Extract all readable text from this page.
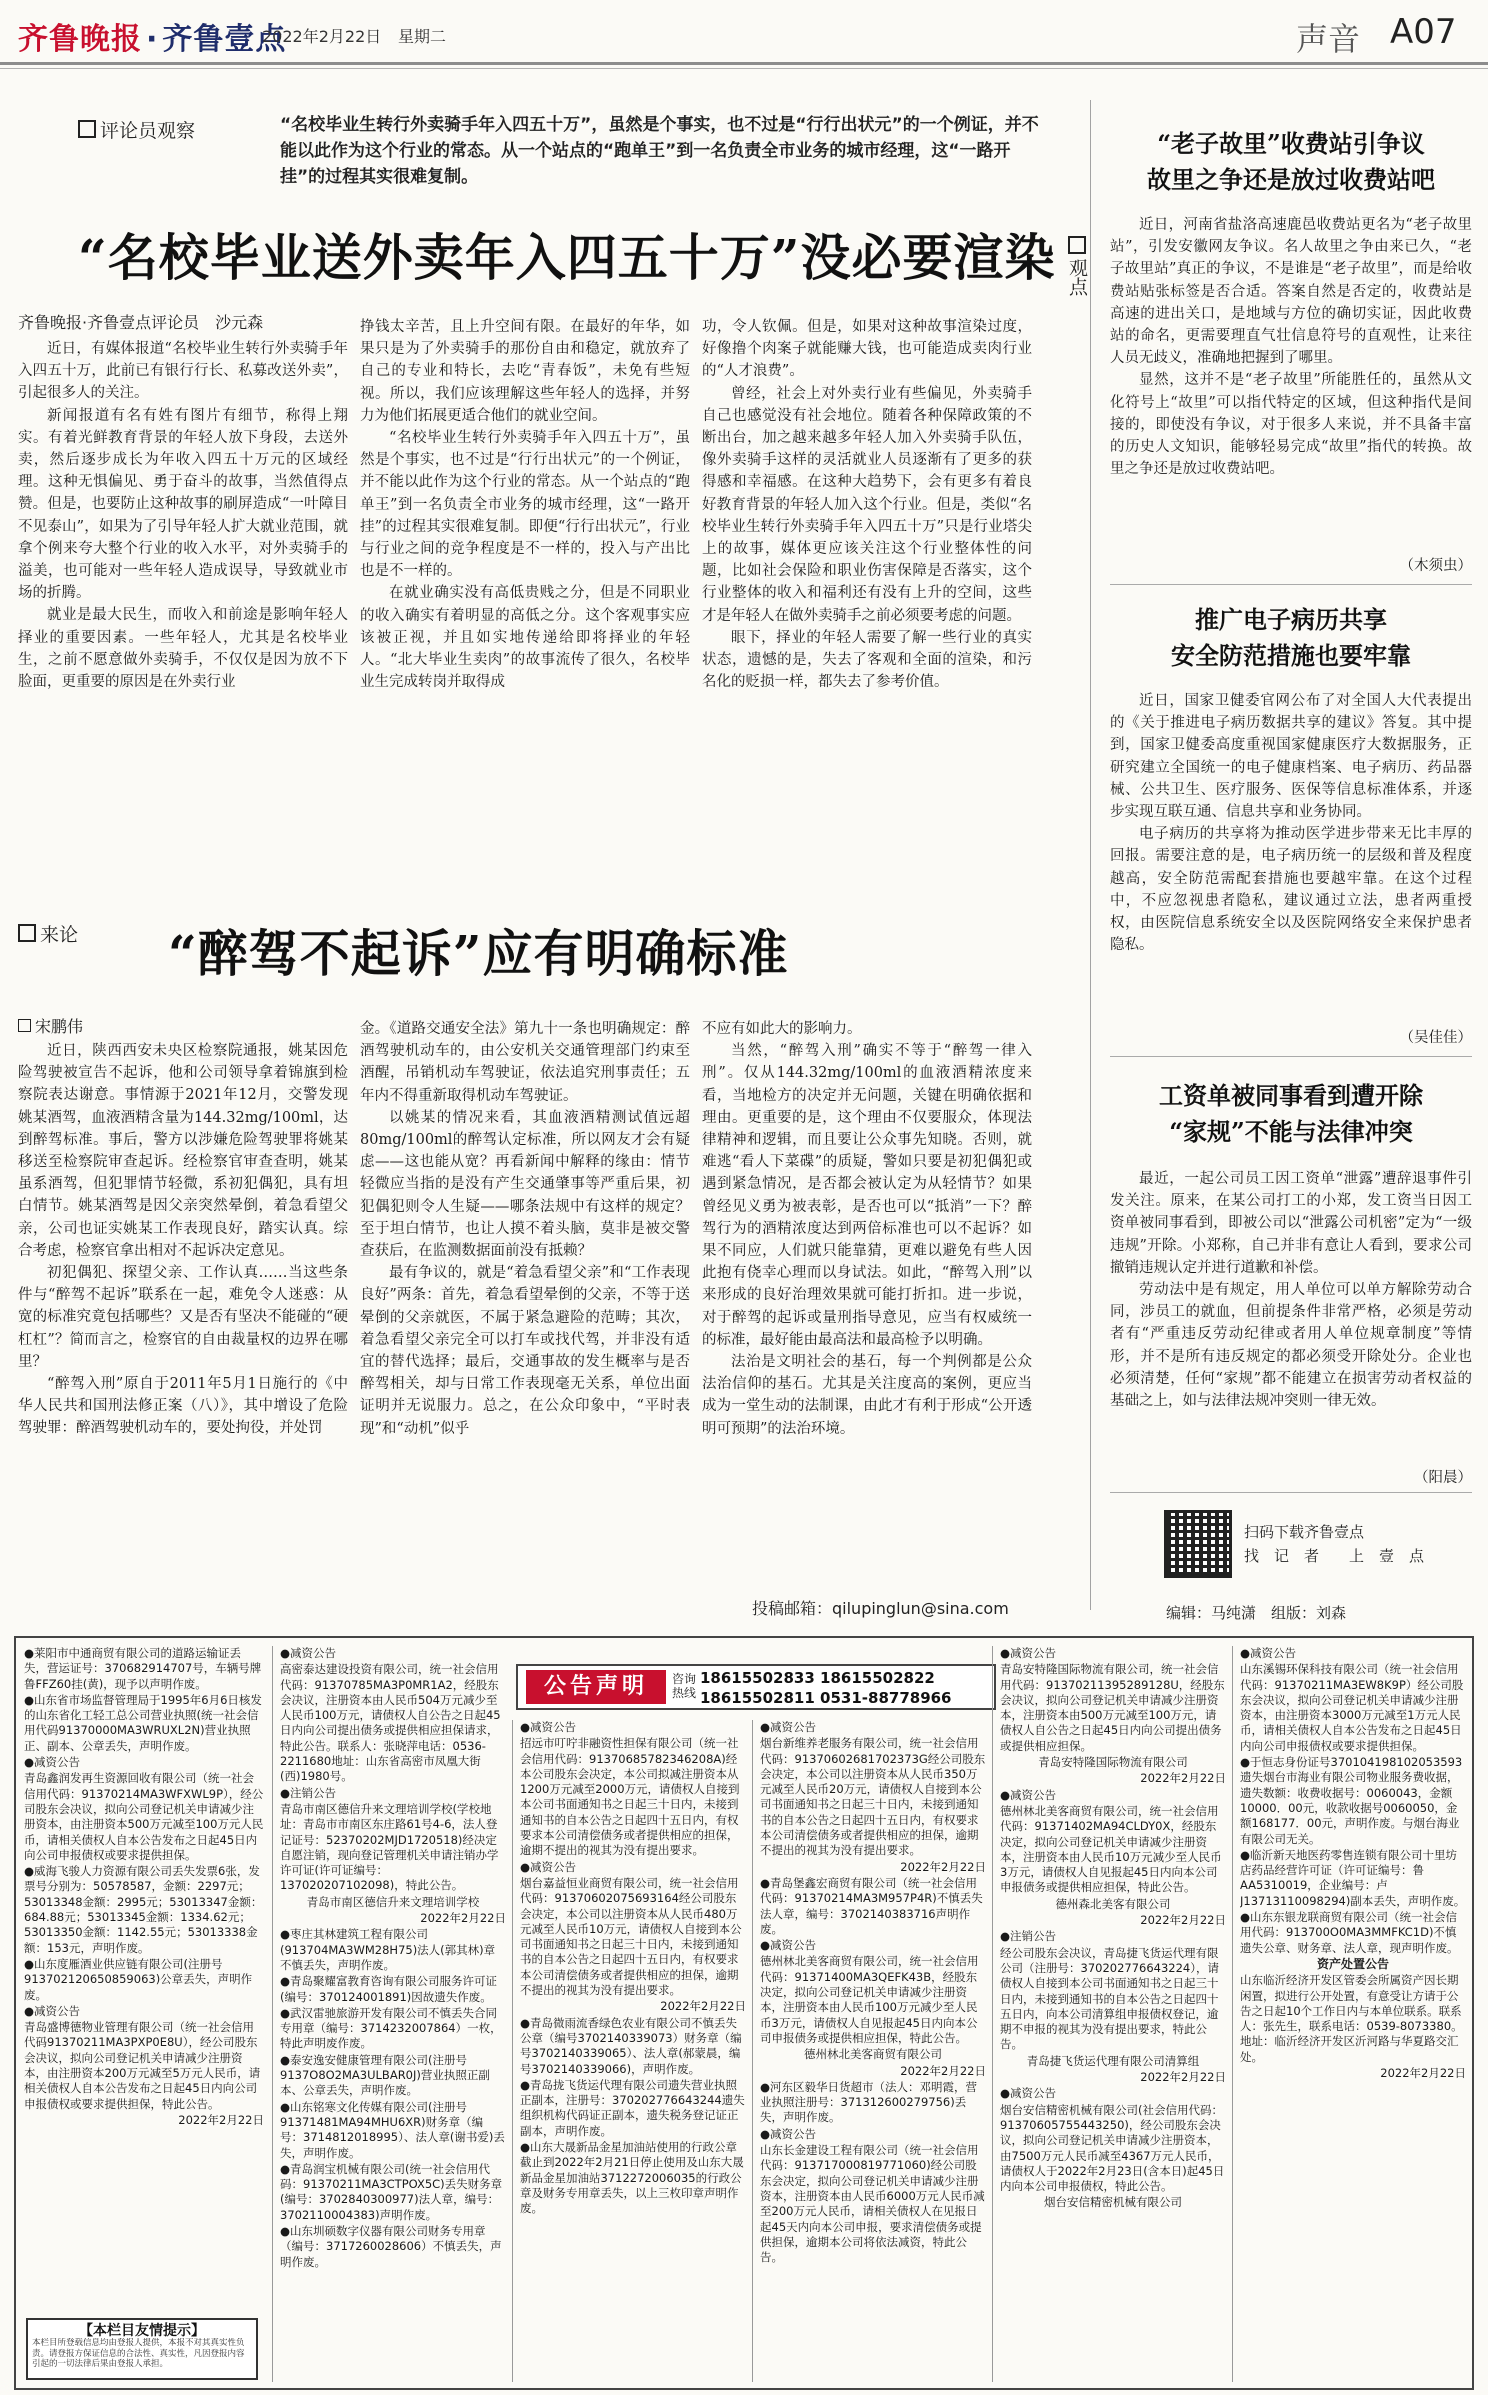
齐鲁晚报 · 齐鲁壹点
2022年2月22日 星期二	声音 A07
评论员观察	“名校毕业生转行外卖骑手年入四五十万”，虽然是个事实，也不过是“行行出状元”的一个例证，并不能以此作为这个行业的常态。从一个站点的“跑单王”到一名负责全市业务的城市经理，这“一路开挂”的过程其实很难复制。
“名校毕业送外卖年入四五十万”没必要渲染
齐鲁晚报·齐鲁壹点评论员　沙元森

近日，有媒体报道“名校毕业生转行外卖骑手年入四五十万，此前已有银行行长、私募改送外卖”，引起很多人的关注。

新闻报道有名有姓有图片有细节，称得上翔实。有着光鲜教育背景的年轻人放下身段，去送外卖，然后逐步成长为年收入四五十万元的区域经理。这种无惧偏见、勇于奋斗的故事，当然值得点赞。但是，也要防止这种故事的刷屏造成“一叶障目不见泰山”，如果为了引导年轻人扩大就业范围，就拿个例来夸大整个行业的收入水平，对外卖骑手的溢美，也可能对一些年轻人造成误导，导致就业市场的折腾。

就业是最大民生，而收入和前途是影响年轻人择业的重要因素。一些年轻人，尤其是名校毕业生，之前不愿意做外卖骑手，不仅仅是因为放不下脸面，更重要的原因是在外卖行业

挣钱太辛苦，且上升空间有限。在最好的年华，如果只是为了外卖骑手的那份自由和稳定，就放弃了自己的专业和特长，去吃“青春饭”，未免有些短视。所以，我们应该理解这些年轻人的选择，并努力为他们拓展更适合他们的就业空间。

“名校毕业生转行外卖骑手年入四五十万”，虽然是个事实，也不过是“行行出状元”的一个例证，并不能以此作为这个行业的常态。从一个站点的“跑单王”到一名负责全市业务的城市经理，这“一路开挂”的过程其实很难复制。即便“行行出状元”，行业与行业之间的竞争程度是不一样的，投入与产出比也是不一样的。

在就业确实没有高低贵贱之分，但是不同职业的收入确实有着明显的高低之分。这个客观事实应该被正视，并且如实地传递给即将择业的年轻人。“北大毕业生卖肉”的故事流传了很久，名校毕业生完成转岗并取得成

功，令人钦佩。但是，如果对这种故事渲染过度，好像撸个肉案子就能赚大钱，也可能造成卖肉行业的“人才浪费”。

曾经，社会上对外卖行业有些偏见，外卖骑手自己也感觉没有社会地位。随着各种保障政策的不断出台，加之越来越多年轻人加入外卖骑手队伍，像外卖骑手这样的灵活就业人员逐渐有了更多的获得感和幸福感。在这种大趋势下，会有更多有着良好教育背景的年轻人加入这个行业。但是，类似“名校毕业生转行外卖骑手年入四五十万”只是行业塔尖上的故事，媒体更应该关注这个行业整体性的问题，比如社会保险和职业伤害保障是否落实，这个行业整体的收入和福利还有没有上升的空间，这些才是年轻人在做外卖骑手之前必须要考虑的问题。

眼下，择业的年轻人需要了解一些行业的真实状态，遗憾的是，失去了客观和全面的渲染，和污名化的贬损一样，都失去了参考价值。

来论 “醉驾不起诉”应有明确标准
宋鹏伟

近日，陕西西安未央区检察院通报，姚某因危险驾驶被宣告不起诉，他和公司领导拿着锦旗到检察院表达谢意。事情源于2021年12月，交警发现姚某酒驾，血液酒精含量为144.32mg/100ml，达到醉驾标准。事后，警方以涉嫌危险驾驶罪将姚某移送至检察院审查起诉。经检察官审查查明，姚某虽系酒驾，但犯罪情节轻微，系初犯偶犯，具有坦白情节。姚某酒驾是因父亲突然晕倒，着急看望父亲，公司也证实姚某工作表现良好，踏实认真。综合考虑，检察官拿出相对不起诉决定意见。

初犯偶犯、探望父亲、工作认真……当这些条件与“醉驾不起诉”联系在一起，难免令人迷惑：从宽的标准究竟包括哪些？又是否有坚决不能碰的“硬杠杠”？简而言之，检察官的自由裁量权的边界在哪里？

“醉驾入刑”原自于2011年5月1日施行的《中华人民共和国刑法修正案（八）》，其中增设了危险驾驶罪：醉酒驾驶机动车的，要处拘役，并处罚

金。《道路交通安全法》第九十一条也明确规定：醉酒驾驶机动车的，由公安机关交通管理部门约束至酒醒，吊销机动车驾驶证，依法追究刑事责任；五年内不得重新取得机动车驾驶证。

以姚某的情况来看，其血液酒精测试值远超80mg/100ml的醉驾认定标准，所以网友才会有疑虑——这也能从宽？再看新闻中解释的缘由：情节轻微应当指的是没有产生交通肇事等严重后果，初犯偶犯则令人生疑——哪条法规中有这样的规定？至于坦白情节，也让人摸不着头脑，莫非是被交警查获后，在监测数据面前没有抵赖？

最有争议的，就是“着急看望父亲”和“工作表现良好”两条：首先，着急看望晕倒的父亲，不等于送晕倒的父亲就医，不属于紧急避险的范畴；其次，着急看望父亲完全可以打车或找代驾，并非没有适宜的替代选择；最后，交通事故的发生概率与是否醉驾相关，却与日常工作表现毫无关系，单位出面证明并无说服力。总之，在公众印象中，“平时表现”和“动机”似乎

不应有如此大的影响力。

当然，“醉驾入刑”确实不等于“醉驾一律入刑”。仅从144.32mg/100ml的血液酒精浓度来看，当地检方的决定并无问题，关键在明确依据和理由。更重要的是，这个理由不仅要服众，体现法律精神和逻辑，而且要让公众事先知晓。否则，就难逃“看人下菜碟”的质疑，警如只要是初犯偶犯或遇到紧急情况，是否都会被认定为从轻情节？如果曾经见义勇为被表彰，是否也可以“抵消”一下？醉驾行为的酒精浓度达到两倍标准也可以不起诉？如果不同应，人们就只能靠猜，更难以避免有些人因此抱有侥幸心理而以身试法。如此，“醉驾入刑”以来形成的良好治理效果就可能打折扣。进一步说，对于醉驾的起诉或量刑指导意见，应当有权威统一的标准，最好能由最高法和最高检予以明确。

法治是文明社会的基石，每一个判例都是公众法治信仰的基石。尤其是关注度高的案例，更应当成为一堂生动的法制课，由此才有利于形成“公开透明可预期”的法治环境。

投稿邮箱：qilupinglun@sina.com
观点
“老子故里”收费站引争议
故里之争还是放过收费站吧

近日，河南省盐洛高速鹿邑收费站更名为“老子故里站”，引发安徽网友争议。名人故里之争由来已久，“老子故里站”真正的争议，不是谁是“老子故里”，而是给收费站贴张标签是否合适。答案自然是否定的，收费站是高速的进出关口，是地域与方位的确切实证，因此收费站的命名，更需要理直气壮信息符号的直观性，让来往人员无歧义，准确地把握到了哪里。

显然，这并不是“老子故里”所能胜任的，虽然从文化符号上“故里”可以指代特定的区域，但这种指代是间接的，即使没有争议，对于很多人来说，并不具备丰富的历史人文知识，能够轻易完成“故里”指代的转换。故里之争还是放过收费站吧。

（木须虫）
推广电子病历共享
安全防范措施也要牢靠

近日，国家卫健委官网公布了对全国人大代表提出的《关于推进电子病历数据共享的建议》答复。其中提到，国家卫健委高度重视国家健康医疗大数据服务，正研究建立全国统一的电子健康档案、电子病历、药品器械、公共卫生、医疗服务、医保等信息标准体系，并逐步实现互联互通、信息共享和业务协同。

电子病历的共享将为推动医学进步带来无比丰厚的回报。需要注意的是，电子病历统一的层级和普及程度越高，安全防范需配套措施也要越牢靠。在这个过程中，不应忽视患者隐私，建议通过立法，患者两重授权，由医院信息系统安全以及医院网络安全来保护患者隐私。

（吴佳佳）
工资单被同事看到遭开除
“家规”不能与法律冲突

最近，一起公司员工因工资单“泄露”遭辞退事件引发关注。原来，在某公司打工的小郑，发工资当日因工资单被同事看到，即被公司以“泄露公司机密”定为“一级违规”开除。小郑称，自己并非有意让人看到，要求公司撤销违规认定并进行道歉和补偿。

劳动法中是有规定，用人单位可以单方解除劳动合同，涉员工的就血，但前提条件非常严格，必须是劳动者有“严重违反劳动纪律或者用人单位规章制度”等情形，并不是所有违反规定的都必须受开除处分。企业也必须清楚，任何“家规”都不能建立在损害劳动者权益的基础之上，如与法律法规冲突则一律无效。

（阳晨）
扫码下载齐鲁壹点
找　记　者　　上　壹　点
编辑：马纯潇　组版：刘森
公告声明	咨询热线
18615502833 18615502822
18615502811 0531-88778966
●莱阳市中通商贸有限公司的道路运输证丢失，营运证号：370682914707号，车辆号牌鲁FFZ60挂(黄)，现予以声明作废。
●山东省市场监督管理局于1995年6月6日核发的山东省化工轻工总公司营业执照(统一社会信用代码91370000MA3WRUXL2N)营业执照正、副本、公章丢失，声明作废。
●减资公告
青岛鑫润发再生资源回收有限公司（统一社会信用代码：91370214MA3WFXWL9P），经公司股东会决议，拟向公司登记机关申请减少注册资本，由注册资本500万元减至100万元人民币，请相关债权人自本公告发布之日起45日内向公司申报债权或要求提供担保。
●威海飞骏人力资源有限公司丢失发票6张，发票号分别为：50578587，金额：2297元；53013348金额：2995元；53013347金额：684.88元；53013345金额：1334.62元；53013350金额：1142.55元；53013338金额：153元，声明作废。
●山东度雁酒业供应链有限公司(注册号913702120650859063)公章丢失，声明作废。
●减资公告
青岛盛博德物业管理有限公司（统一社会信用代码91370211MA3PXP0E8U），经公司股东会决议，拟向公司登记机关申请减少注册资本，由注册资本200万元减至5万元人民币，请相关债权人自本公告发布之日起45日内向公司申报债权或要求提供担保，特此公告。
2022年2月22日
【本栏目友情提示】
本栏目所登载信息均由登报人提供，本报不对其真实性负责。请登报方保证信息的合法性、真实性，凡因登报内容引起的一切法律后果由登报人承担。
●减资公告
高密泰达建设投资有限公司，统一社会信用代码：91370785MA3P0MR1A2，经股东会决议，注册资本由人民币504万元减少至人民币100万元，请债权人自公告之日起45日内向公司提出债务或提供相应担保请求，特此公告。联系人：张晓萍电话：0536-2211680地址：山东省高密市凤凰大街(西)1980号。
●注销公告
青岛市南区德信升来文理培训学校(学校地址：青岛市市南区东庄路61号4-6，法人登记证号：52370202MJD1720518)经决定自愿注销，现向登记管理机关申请注销办学许可证(许可证编号：137020207102098)，特此公告。
青岛市南区德信升来文理培训学校
2022年2月22日
●枣庄其林建筑工程有限公司(913704MA3WM28H75)法人(郭其林)章不慎丢失，声明作废。
●青岛聚耀富教育咨询有限公司服务许可证(编号：370124001891)因故遗失作废。
●武汉雷驰旅游开发有限公司不慎丢失合同专用章（编号：3714232007864）一枚，特此声明废作废。
●泰安逸安健康管理有限公司(注册号9137O8O2MA3ULBAR0J)营业执照正副本、公章丢失，声明作废。
●山东铭寒文化传媒有限公司(注册号91371481MA94MHU6XR)财务章（编号：3714812018995）、法人章(谢书爱)丢失，声明作废。
●青岛润宝机械有限公司(统一社会信用代码：91370211MA3CTPOX5C)丢失财务章(编号：3702840300977)法人章，编号：3702110004383)声明作废。
●山东圳硕数字仪器有限公司财务专用章（编号：3717260028606）不慎丢失，声明作废。
●减资公告
招远市叮咛非融资性担保有限公司（统一社会信用代码：91370685782346208A)经本公司股东会决定，本公司拟减注册资本从1200万元减至2000万元，请债权人自接到本公司书面通知书之日起三十日内，未接到通知书的自本公告之日起四十五日内，有权要求本公司清偿债务或者提供相应的担保，逾期不提出的视其为没有提出要求。
●减资公告
烟台嘉益恒业商贸有限公司，统一社会信用代码：91370602075693164经公司股东会决定，本公司以注册资本从人民币480万元减至人民币10万元，请债权人自接到本公司书面通知书之日起三十日内，未接到通知书的自本公告之日起四十五日内，有权要求本公司清偿债务或者提供相应的担保，逾期不提出的视其为没有提出要求。
2022年2月22日
●青岛微雨流香绿色农业有限公司不慎丢失公章（编号3702140339073）财务章（编号3702140339065）、法人章(郝蒙晨，编号3702140339066)，声明作废。
●青岛拢飞货运代理有限公司遗失营业执照正副本，注册号：370202776643244遗失组织机构代码证正副本，遗失税务登记证正副本，声明作废。
●山东大晟新品金星加油站使用的行政公章截止到2022年2月21日停止使用及山东大晟新品金星加油站3712272006035的行政公章及财务专用章丢失，以上三枚印章声明作废。
●减资公告
烟台新维养老服务有限公司，统一社会信用代码：91370602681702373G经公司股东会决定，本公司以注册资本从人民币350万元减至人民币20万元，请债权人自接到本公司书面通知书之日起三十日内，未接到通知书的自本公告之日起四十五日内，有权要求本公司清偿债务或者提供相应的担保，逾期不提出的视其为没有提出要求。
2022年2月22日
●青岛堡鑫宏商贸有限公司（统一社会信用代码：91370214MA3M957P4R)不慎丢失法人章，编号：3702140383716声明作废。
●减资公告
德州林北美客商贸有限公司，统一社会信用代码：91371400MA3QEFK43B，经股东决定，拟向公司登记机关申请减少注册资本，注册资本由人民币100万元减少至人民币3万元，请债权人自见报起45日内向本公司申报债务或提供相应担保，特此公告。
德州林北美客商贸有限公司
2022年2月22日
●河东区毅华日货超市（法人：邓明霞，营业执照注册号：371312600279756)丢失，声明作废。
●减资公告
山东长金建设工程有限公司（统一社会信用代码：913717000819771060)经公司股东会决定，拟向公司登记机关申请减少注册资本，注册资本由人民币6000万元人民币减至200万元人民币，请相关债权人在见报日起45天内向本公司申报，要求清偿债务或提供担保，逾期本公司将依法减资，特此公告。
●减资公告
青岛安特隆国际物流有限公司，统一社会信用代码：91370211395289128U，经股东会决议，拟向公司登记机关申请减少注册资本，注册资本由500万元减至100万元，请债权人自公告之日起45日内向公司提出债务或提供相应担保。
青岛安特隆国际物流有限公司
2022年2月22日
●减资公告
德州林北美客商贸有限公司，统一社会信用代码：91371402MA94CLDY0X，经股东决定，拟向公司登记机关申请减少注册资本，注册资本由人民币10万元减少至人民币3万元，请债权人自见报起45日内向本公司申报债务或提供相应担保，特此公告。
德州森北美客有限公司
2022年2月22日
●注销公告
经公司股东会决议，青岛捷飞货运代理有限公司（注册号：370202776643224），请债权人自接到本公司书面通知书之日起三十日内，未接到通知书的自本公告之日起四十五日内，向本公司清算组申报债权登记，逾期不申报的视其为没有提出要求，特此公告。
青岛捷飞货运代理有限公司清算组
2022年2月22日
●减资公告
烟台安信精密机械有限公司(社会信用代码：91370605755443250)，经公司股东会决议，拟向公司登记机关申请减少注册资本，由7500万元人民币减至4367万元人民币，请债权人于2022年2月23日(含本日)起45日内向本公司申报债权，特此公告。
烟台安信精密机械有限公司
●减资公告
山东溪锡环保科技有限公司（统一社会信用代码：91370211MA3EW8K9P）经公司股东会决议，拟向公司登记机关申请减少注册资本，由注册资本3000万元减至1万元人民币，请相关债权人自本公告发布之日起45日内向公司申报债权或要求提供担保。
●于恒志身份证号370104198102053593遗失烟台市海业有限公司物业服务费收据，遗失数额：收费收据号：0060043，金额10000．00元，收款收据号0060050，金额168177．00元，声明作废。与烟台海业有限公司无关。
●临沂新天地医药零售连锁有限公司十里坊店药品经营许可证（许可证编号：鲁AA5310019，企业编号：卢J13713110098294)副本丢失，声明作废。
●山东东银龙联商贸有限公司（统一社会信用代码：913700O0MA3MMFKC1D)不慎遗失公章、财务章、法人章，现声明作废。
资产处置公告
山东临沂经济开发区管委会所属资产因长期闲置，拟进行公开处置，有意受让方请于公告之日起10个工作日内与本单位联系。联系人：张先生，联系电话：0539-8073380。地址：临沂经济开发区沂河路与华夏路交汇处。
2022年2月22日
